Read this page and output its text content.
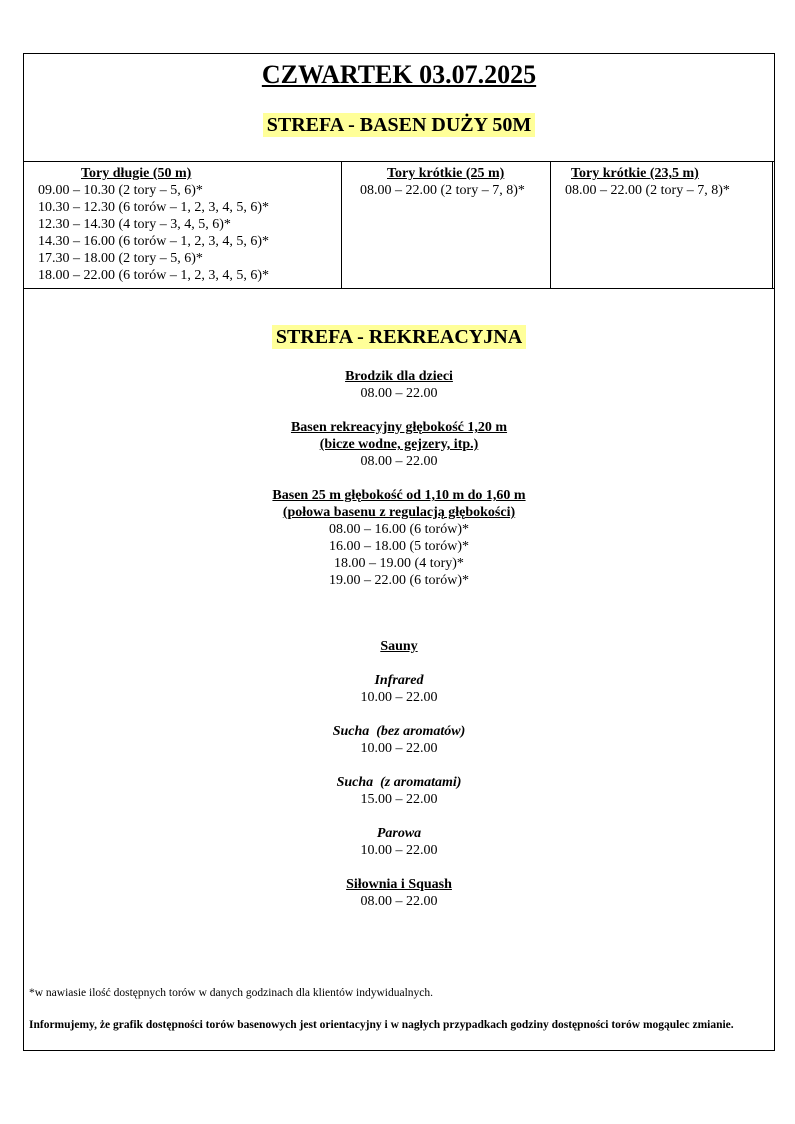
CZWARTEK 03.07.2025
STREFA - BASEN DUŻY 50M
Tory długie (50 m)
09.00 – 10.30 (2 tory – 5, 6)*
10.30 – 12.30 (6 torów – 1, 2, 3, 4, 5, 6)*
12.30 – 14.30 (4 tory – 3, 4, 5, 6)*
14.30 – 16.00 (6 torów – 1, 2, 3, 4, 5, 6)*
17.30 – 18.00 (2 tory – 5, 6)*
18.00 – 22.00 (6 torów – 1, 2, 3, 4, 5, 6)*
Tory krótkie (25 m)
08.00 – 22.00 (2 tory – 7, 8)*
Tory krótkie (23,5 m)
08.00 – 22.00 (2 tory – 7, 8)*
STREFA - REKREACYJNA
Brodzik dla dzieci
08.00 – 22.00
Basen rekreacyjny głębokość 1,20 m
(bicze wodne, gejzery, itp.)
08.00 – 22.00
Basen 25 m głębokość od 1,10 m do 1,60 m
(połowa basenu z regulacją głębokości)
08.00 – 16.00 (6 torów)*
16.00 – 18.00 (5 torów)*
18.00 – 19.00 (4 tory)*
19.00 – 22.00 (6 torów)*
Sauny
Infrared
10.00 – 22.00
Sucha  (bez aromatów)
10.00 – 22.00
Sucha  (z aromatami)
15.00 – 22.00
Parowa
10.00 – 22.00
Siłownia i Squash
08.00 – 22.00
*w nawiasie ilość dostępnych torów w danych godzinach dla klientów indywidualnych.
Informujemy, że grafik dostępności torów basenowych jest orientacyjny i w nagłych przypadkach godziny dostępności torów mogąulec zmianie.
